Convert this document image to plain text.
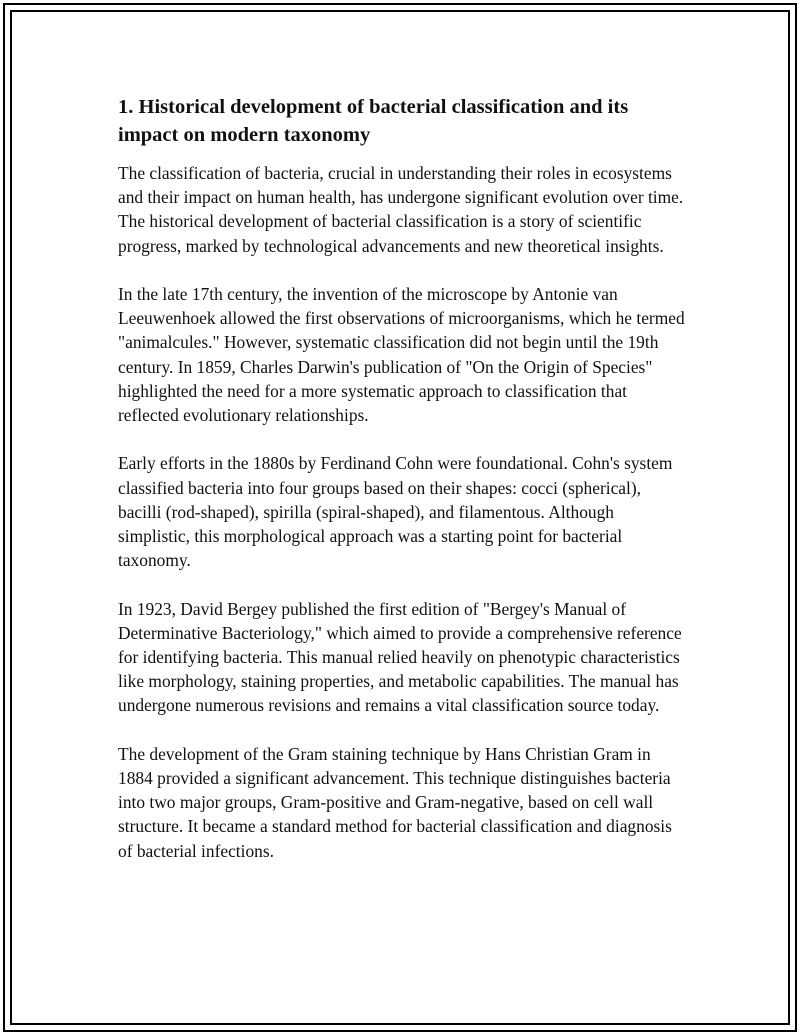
1. Historical development of bacterial classification and its impact on modern taxonomy

The classification of bacteria, crucial in understanding their roles in ecosystems and their impact on human health, has undergone significant evolution over time. The historical development of bacterial classification is a story of scientific progress, marked by technological advancements and new theoretical insights.

In the late 17th century, the invention of the microscope by Antonie van Leeuwenhoek allowed the first observations of microorganisms, which he termed "animalcules." However, systematic classification did not begin until the 19th century. In 1859, Charles Darwin's publication of "On the Origin of Species" highlighted the need for a more systematic approach to classification that reflected evolutionary relationships.

Early efforts in the 1880s by Ferdinand Cohn were foundational. Cohn's system classified bacteria into four groups based on their shapes: cocci (spherical), bacilli (rod-shaped), spirilla (spiral-shaped), and filamentous. Although simplistic, this morphological approach was a starting point for bacterial taxonomy.

In 1923, David Bergey published the first edition of "Bergey's Manual of Determinative Bacteriology," which aimed to provide a comprehensive reference for identifying bacteria. This manual relied heavily on phenotypic characteristics like morphology, staining properties, and metabolic capabilities. The manual has undergone numerous revisions and remains a vital classification source today.

The development of the Gram staining technique by Hans Christian Gram in 1884 provided a significant advancement. This technique distinguishes bacteria into two major groups, Gram-positive and Gram-negative, based on cell wall structure. It became a standard method for bacterial classification and diagnosis of bacterial infections.
